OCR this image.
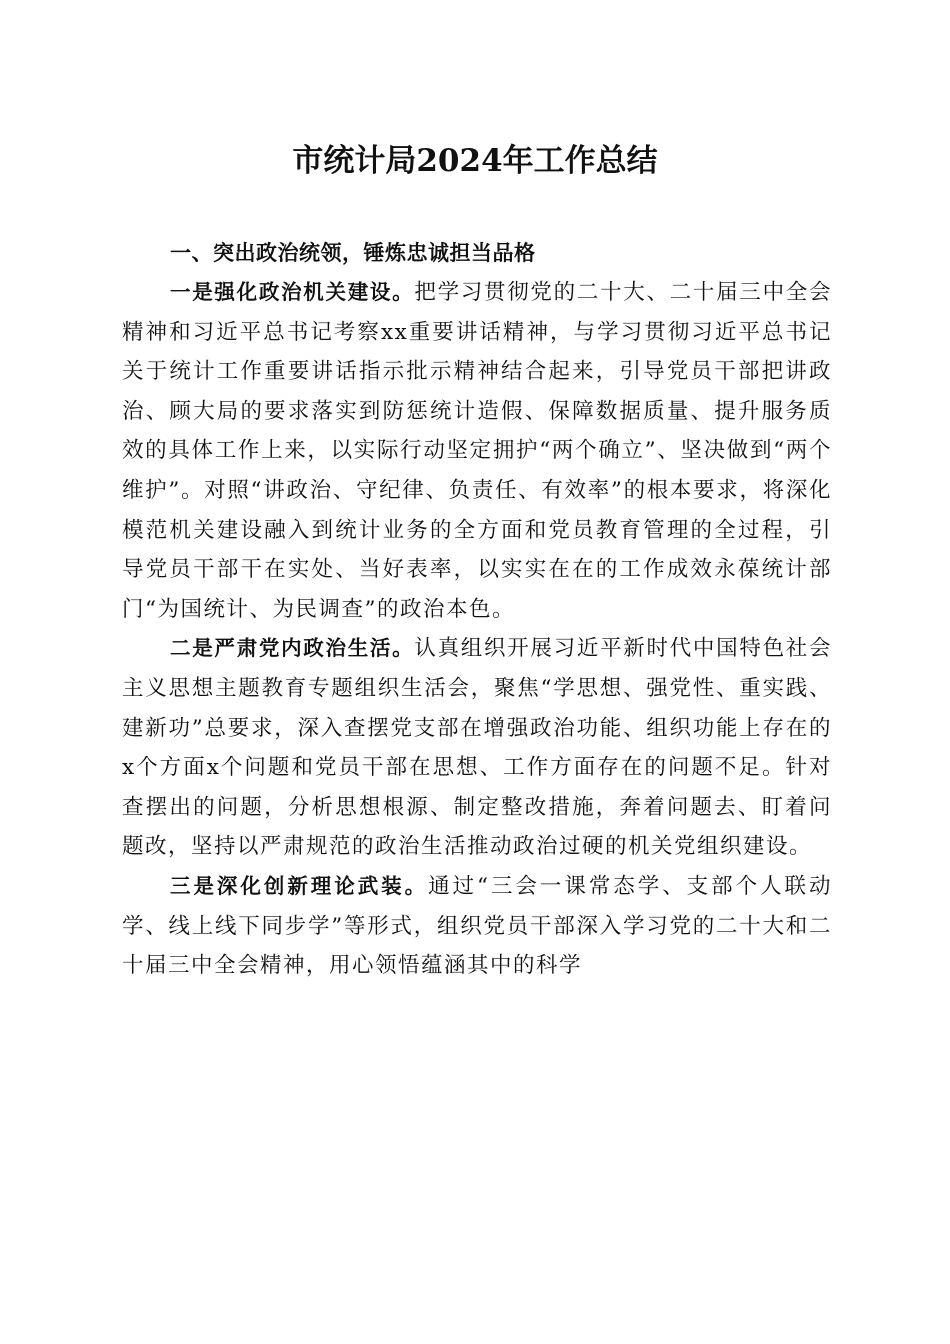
市统计局2024年工作总结

一、突出政治统领，锤炼忠诚担当品格

一是强化政治机关建设。把学习贯彻党的二十大、二十届三中全会精神和习近平总书记考察xx重要讲话精神，与学习贯彻习近平总书记关于统计工作重要讲话指示批示精神结合起来，引导党员干部把讲政治、顾大局的要求落实到防惩统计造假、保障数据质量、提升服务质效的具体工作上来，以实际行动坚定拥护“两个确立”、坚决做到“两个维护”。对照“讲政治、守纪律、负责任、有效率”的根本要求，将深化模范机关建设融入到统计业务的全方面和党员教育管理的全过程，引导党员干部干在实处、当好表率，以实实在在的工作成效永葆统计部门“为国统计、为民调查”的政治本色。

二是严肃党内政治生活。认真组织开展习近平新时代中国特色社会主义思想主题教育专题组织生活会，聚焦“学思想、强党性、重实践、建新功”总要求，深入查摆党支部在增强政治功能、组织功能上存在的x个方面x个问题和党员干部在思想、工作方面存在的问题不足。针对查摆出的问题，分析思想根源、制定整改措施，奔着问题去、盯着问题改，坚持以严肃规范的政治生活推动政治过硬的机关党组织建设。

三是深化创新理论武装。通过“三会一课常态学、支部个人联动学、线上线下同步学”等形式，组织党员干部深入学习党的二十大和二十届三中全会精神，用心领悟蕴涵其中的科学
